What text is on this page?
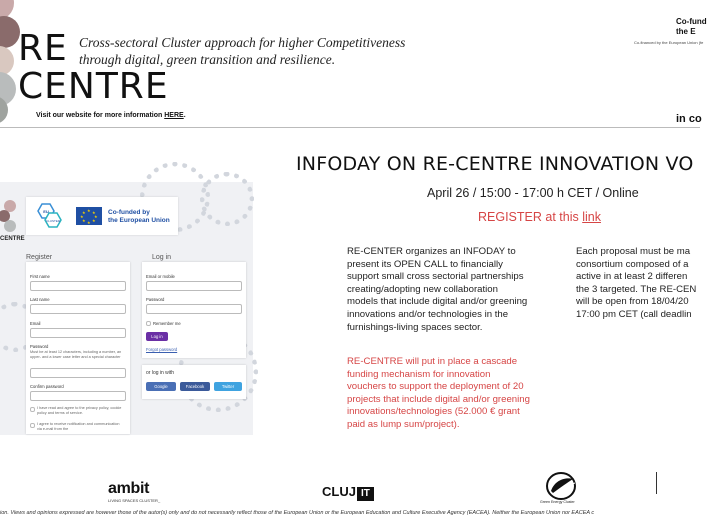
RE
CENTRE
Cross-sectoral Cluster approach for higher Competitiveness
through digital, green transition and resilience.
Visit our website for more information HERE.
Co-fund
the E
Co-financed by the European Union (fe
in co
INFODAY ON RE-CENTRE INNOVATION VO
April 26 / 15:00 - 17:00 h CET / Online
REGISTER at this link
RE-CENTER organizes an INFODAY to
present its OPEN CALL to financially
support small cross sectorial partnerships
creating/adopting new collaboration
models that include digital and/or greening
innovations and/or technologies in the
furnishings-living spaces sector.
RE-CENTRE will put in place a cascade
funding mechanism for innovation
vouchers to support the deployment of 20
projects that include digital and/or greening
innovations/technologies (52.000 € grant
paid as lump sum/project).
Each proposal must be ma
consortium composed of a
active in at least 2 differen
the 3 targeted. The RE-CEN
will be open from 18/04/20
17:00 pm CET (call deadlin
CENTRE
EU
CLUSTER
★ ★
★
★
★
★
★
★	Co-funded by
the European Union
Register
First name
Last name
Email
Password
Must be at least 12 characters, including a number, an upper- and a lower case letter and a special character
Confirm password
I have read and agree to the privacy policy, cookie policy and terms of service.
I agree to receive notification and communication via e-mail from the
Log in
Email or mobile
Password
Remember me
Log in
Forgot password
or log in with
Google	Facebook	Twitter
ambit
LIVING SPACES CLUSTER_
CLUJ IT
Green Energy Cluster
ion. Views and opinions expressed are however those of the autor(s) only and do not necessarily reflect those of the European Union or the European Education and Culture Executive Agency (EACEA). Neither the European Union nor EACEA c
